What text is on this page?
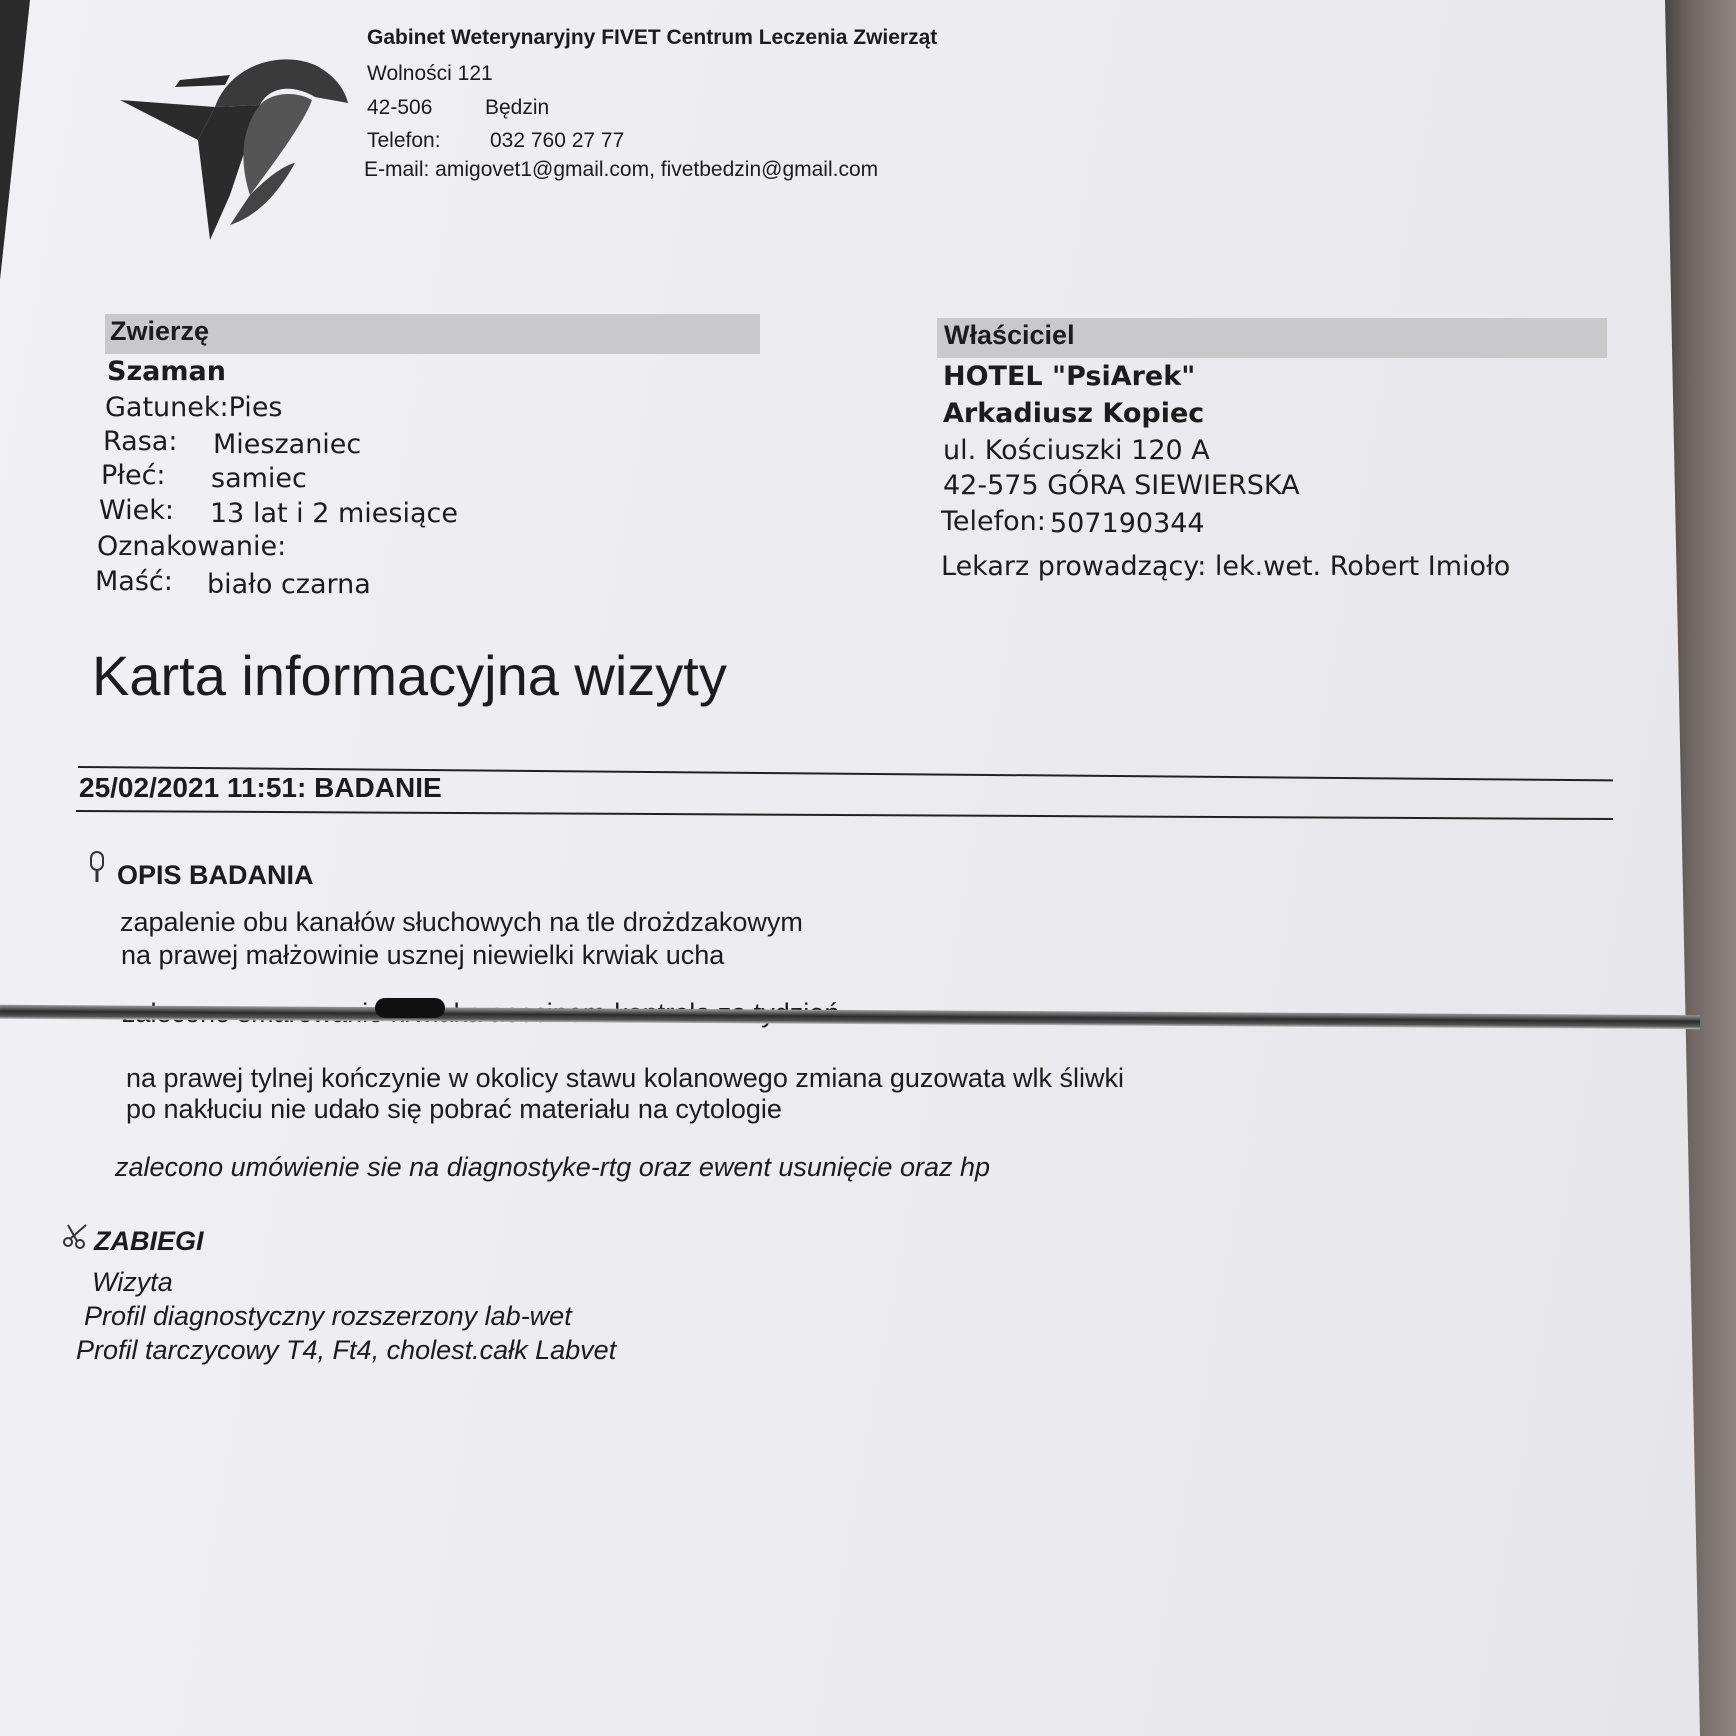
Gabinet Weterynaryjny FIVET Centrum Leczenia Zwierząt
Wolności 121
42-506	Będzin
Telefon: 032 760 27 77
E-mail: amigovet1@gmail.com, fivetbedzin@gmail.com
Zwierzę
Szaman
Gatunek:Pies
Rasa: Mieszaniec
Płeć: samiec
Wiek: 13 lat i 2 miesiące
Oznakowanie:
Maść: biało czarna
Właściciel
HOTEL "PsiArek"
Arkadiusz Kopiec
ul. Kościuszki 120 A
42-575 GÓRA SIEWIERSKA
Telefon: 507190344
Lekarz prowadzący: lek.wet. Robert Imioło
Karta informacyjna wizyty
25/02/2021 11:51: BADANIE
OPIS BADANIA
zapalenie obu kanałów słuchowych na tle drożdzakowym
na prawej małżowinie usznej niewielki krwiak ucha
na prawej tylnej kończynie w okolicy stawu kolanowego zmiana guzowata wlk śliwki
po nakłuciu nie udało się pobrać materiału na cytologie
zalecono umówienie sie na diagnostyke-rtg oraz ewent usunięcie oraz hp
ZABIEGI
Wizyta
Profil diagnostyczny rozszerzony lab-wet
Profil tarczycowy T4, Ft4, cholest.całk Labvet
